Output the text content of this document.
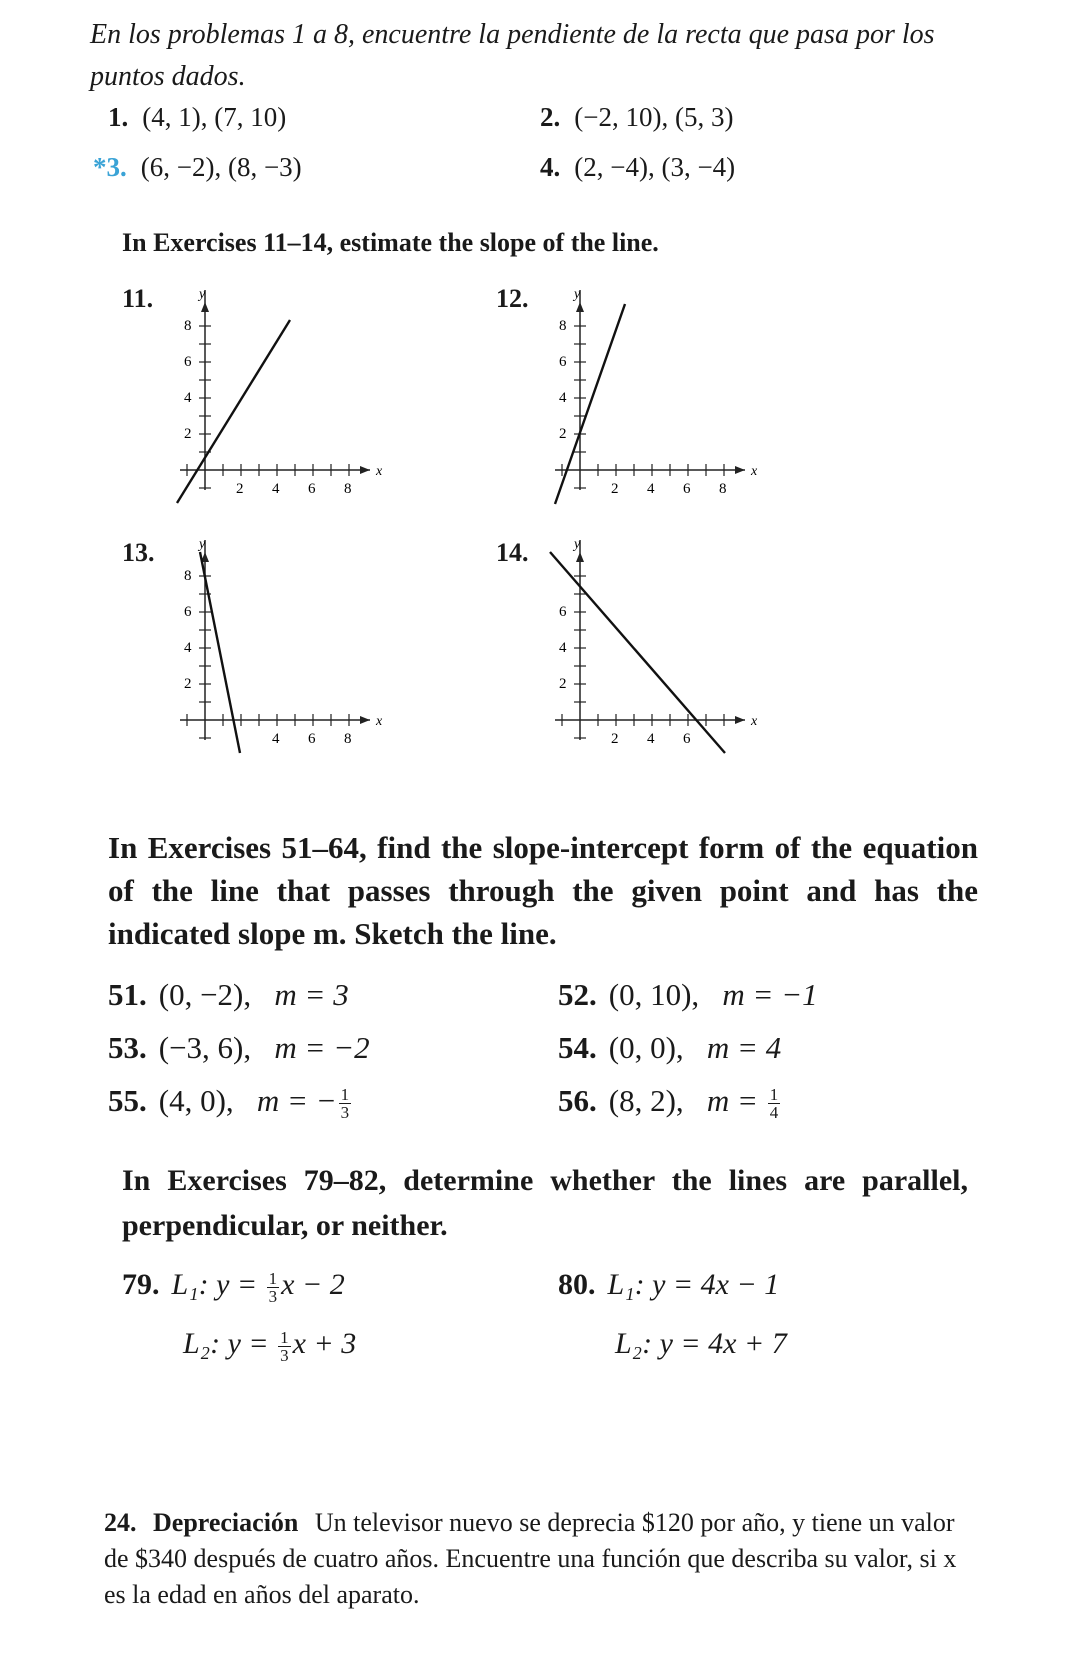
En los problemas 1 a 8, encuentre la pendiente de la recta que pasa por los puntos dados.
1. (4, 1), (7, 10)	2. (−2, 10), (5, 3)
*3. (6, −2), (8, −3)	4. (2, −4), (3, −4)
In Exercises 11–14, estimate the slope of the line.
11.	12.
13.	14.
y
x
2 4 6 8
2
4
6
8
y
x
2 4 6 8
2
4
6
8
y
x
4 6 8
2
4
6
8
y
x
2 4 6
2
4
6
In Exercises 51–64, find the slope-intercept form of the equation of the line that passes through the given point and has the indicated slope m. Sketch the line.
51. (0, −2), m = 3	52. (0, 10), m = −1
53. (−3, 6), m = −2	54. (0, 0), m = 4
55. (4, 0), m = − $\frac{1}{3}$	56. (8, 2), $m = \frac{1}{4}$
In Exercises 79–82, determine whether the lines are parallel, perpendicular, or neither.
79. L₁: $y = \frac{1}{3}$ x − 2
L₂: $y = \frac{1}{3}$ x + 3
80. L₁: y = 4x − 1
L₂: y = 4x + 7
24. Depreciación Un televisor nuevo se deprecia $120 por año, y tiene un valor de $340 después de cuatro años. Encuentre una función que describa su valor, si x es la edad en años del aparato.
